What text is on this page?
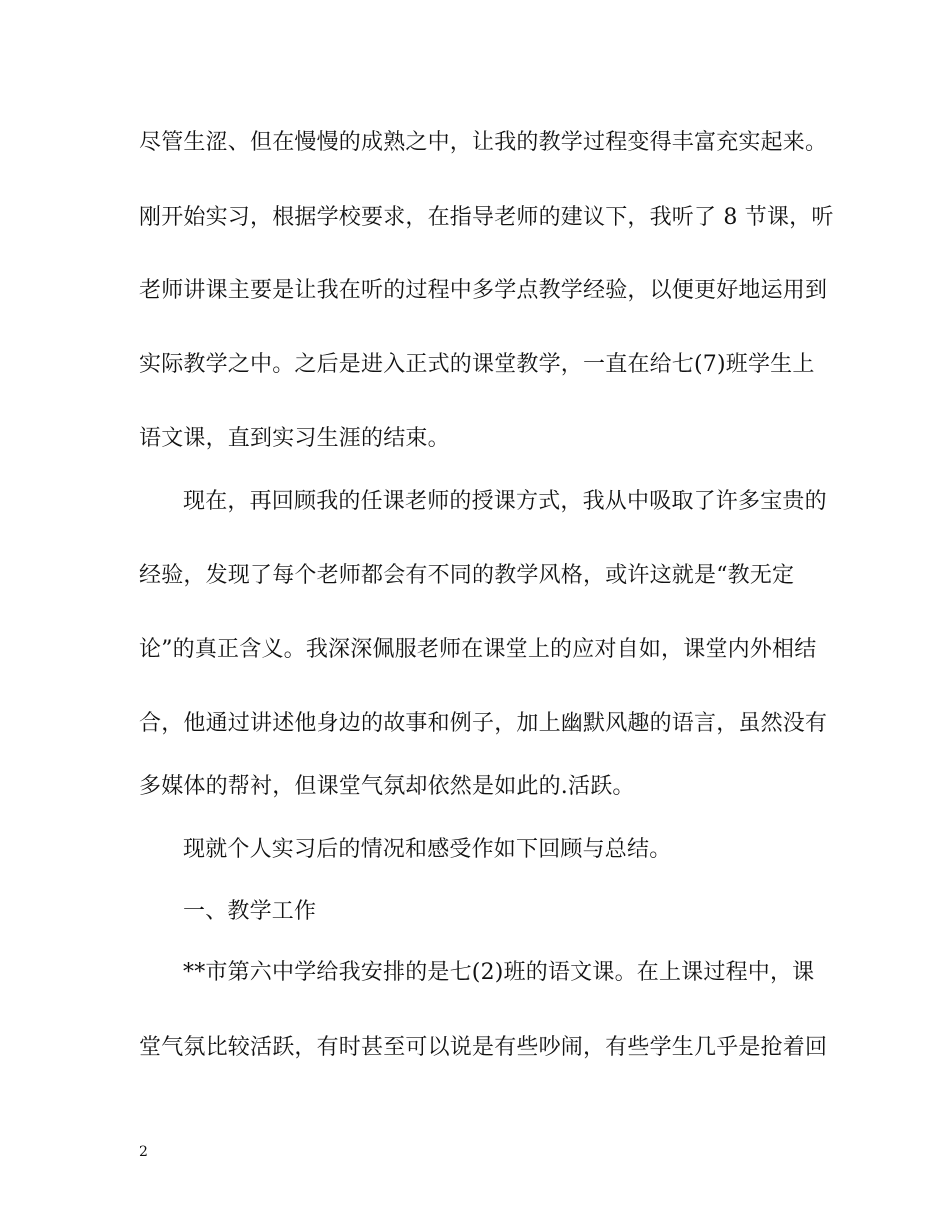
尽管生涩、但在慢慢的成熟之中，让我的教学过程变得丰富充实起来。
刚开始实习，根据学校要求，在指导老师的建议下，我听了 8 节课，听
老师讲课主要是让我在听的过程中多学点教学经验，以便更好地运用到
实际教学之中。之后是进入正式的课堂教学，一直在给七(7)班学生上
语文课，直到实习生涯的结束。
现在，再回顾我的任课老师的授课方式，我从中吸取了许多宝贵的
经验，发现了每个老师都会有不同的教学风格，或许这就是“教无定
论”的真正含义。我深深佩服老师在课堂上的应对自如，课堂内外相结
合，他通过讲述他身边的故事和例子，加上幽默风趣的语言，虽然没有
多媒体的帮衬，但课堂气氛却依然是如此的.活跃。
现就个人实习后的情况和感受作如下回顾与总结。
一、教学工作
**市第六中学给我安排的是七(2)班的语文课。在上课过程中，课
堂气氛比较活跃，有时甚至可以说是有些吵闹，有些学生几乎是抢着回
2
